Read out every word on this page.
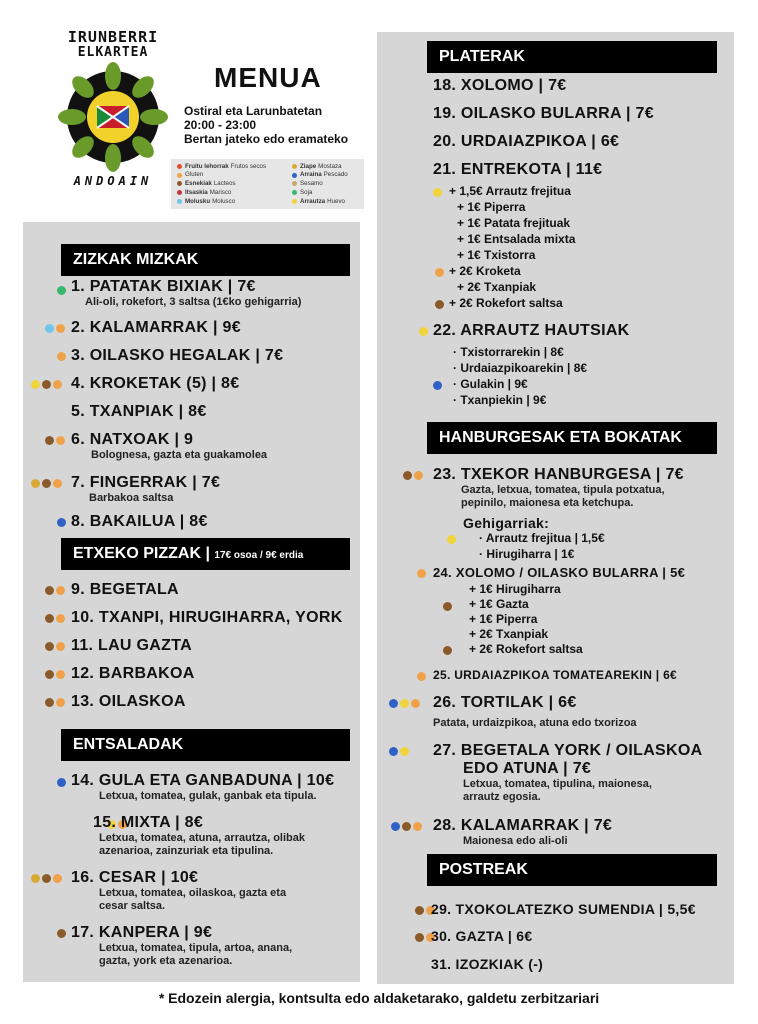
IRUNBERRI
ELKARTEA
ANDOAIN
MENUA
Ostiral eta Larunbatetan
20:00 - 23:00
Bertan jateko edo eramateko
Fruitu lehorrak Frutos secos	Ziape Mostaza
Gluten	Arraina Pescado
Esnekiak Lacteos	Sesamo
Itsaskia Marisco	Soja
Molusku Molusco	Arrautza Huevo
ZIZKAK MIZKAK
1. PATATAK BIXIAK | 7€
Ali-oli, rokefort, 3 saltsa (1€ko gehigarria)
2. KALAMARRAK | 9€
3. OILASKO HEGALAK | 7€
4. KROKETAK (5) | 8€
5. TXANPIAK | 8€
6. NATXOAK | 9
Bolognesa, gazta eta guakamolea
7. FINGERRAK | 7€
Barbakoa saltsa
8. BAKAILUA | 8€
ETXEKO PIZZAK | 17€ osoa / 9€ erdia
9. BEGETALA
10. TXANPI, HIRUGIHARRA, YORK
11. LAU GAZTA
12. BARBAKOA
13. OILASKOA
ENTSALADAK
14. GULA ETA GANBADUNA | 10€
Letxua, tomatea, gulak, ganbak eta tipula.
15. MIXTA | 8€
Letxua, tomatea, atuna, arrautza, olibak
azenarioa, zainzuriak eta tipulina.
16. CESAR | 10€
Letxua, tomatea, oilaskoa, gazta eta
cesar saltsa.
17. KANPERA | 9€
Letxua, tomatea, tipula, artoa, anana,
gazta, york eta azenarioa.
PLATERAK
18. XOLOMO | 7€
19. OILASKO BULARRA | 7€
20. URDAIAZPIKOA | 6€
21. ENTREKOTA | 11€
+ 1,5€ Arrautz frejitua
+ 1€ Piperra
+ 1€ Patata frejituak
+ 1€ Entsalada mixta
+ 1€ Txistorra
+ 2€ Kroketa
+ 2€ Txanpiak
+ 2€ Rokefort saltsa
22. ARRAUTZ HAUTSIAK
· Txistorrarekin | 8€
· Urdaiazpikoarekin | 8€
· Gulakin | 9€
· Txanpiekin | 9€
HANBURGESAK ETA BOKATAK
23. TXEKOR HANBURGESA | 7€
Gazta, letxua, tomatea, tipula potxatua,
pepinilo, maionesa eta ketchupa.
Gehigarriak:
· Arrautz frejitua | 1,5€
· Hirugiharra | 1€
24. XOLOMO / OILASKO BULARRA | 5€
+ 1€ Hirugiharra
+ 1€ Gazta
+ 1€ Piperra
+ 2€ Txanpiak
+ 2€ Rokefort saltsa
25. URDAIAZPIKOA TOMATEAREKIN | 6€
26. TORTILAK | 6€
Patata, urdaizpikoa, atuna edo txorizoa
27. BEGETALA YORK / OILASKOA
EDO ATUNA | 7€
Letxua, tomatea, tipulina, maionesa,
arrautz egosia.
28. KALAMARRAK | 7€
Maionesa edo ali-oli
POSTREAK
29. TXOKOLATEZKO SUMENDIA | 5,5€
30. GAZTA | 6€
31. IZOZKIAK (-)
* Edozein alergia, kontsulta edo aldaketarako, galdetu zerbitzariari
